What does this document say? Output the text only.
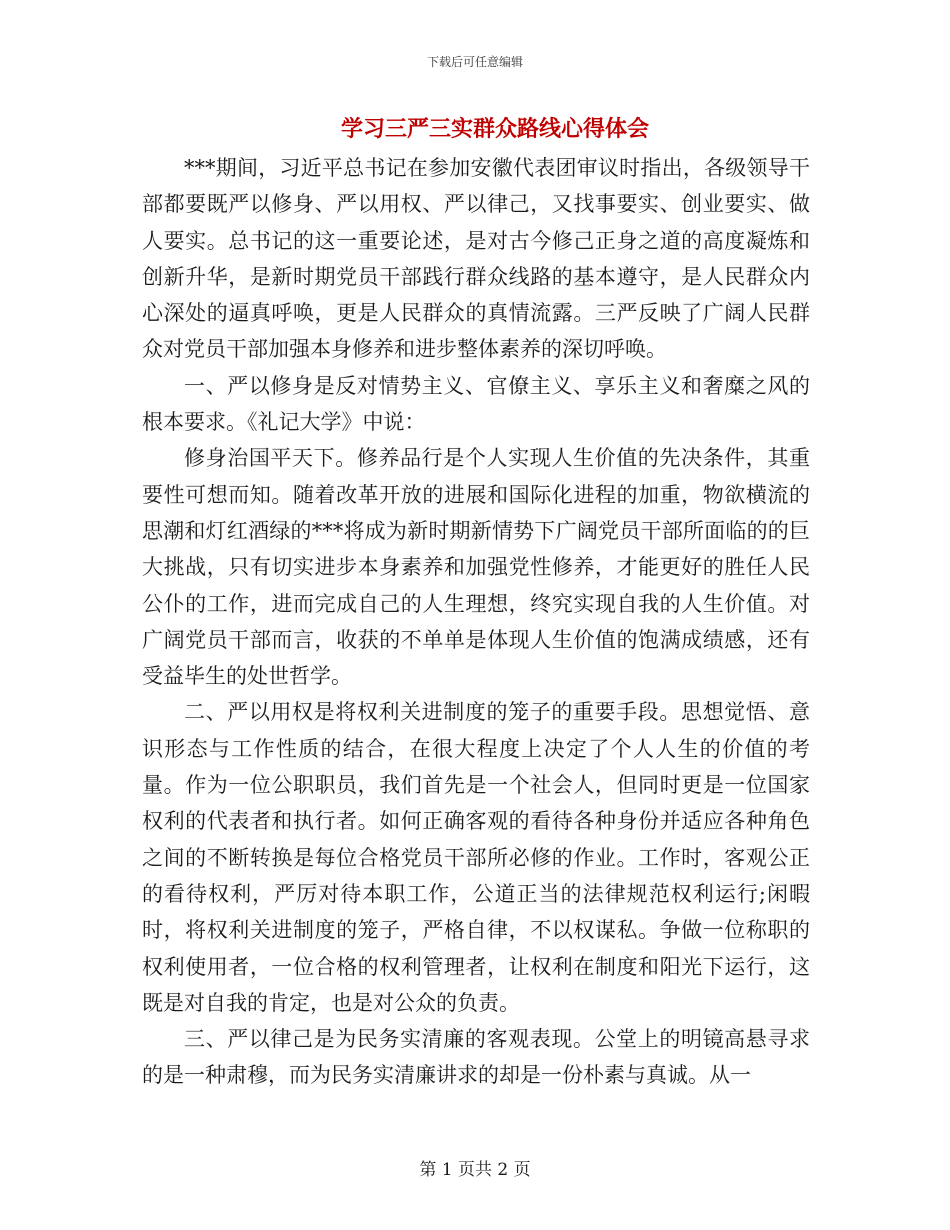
下载后可任意编辑
学习三严三实群众路线心得体会

***期间，习近平总书记在参加安徽代表团审议时指出，各级领导干部都要既严以修身、严以用权、严以律己，又找事要实、创业要实、做人要实。总书记的这一重要论述，是对古今修己正身之道的高度凝炼和创新升华，是新时期党员干部践行群众线路的基本遵守，是人民群众内心深处的逼真呼唤，更是人民群众的真情流露。三严反映了广阔人民群众对党员干部加强本身修养和进步整体素养的深切呼唤。

一、严以修身是反对情势主义、官僚主义、享乐主义和奢糜之风的根本要求。《礼记大学》中说：

修身治国平天下。修养品行是个人实现人生价值的先决条件，其重要性可想而知。随着改革开放的进展和国际化进程的加重，物欲横流的思潮和灯红酒绿的***将成为新时期新情势下广阔党员干部所面临的的巨大挑战，只有切实进步本身素养和加强党性修养，才能更好的胜任人民公仆的工作，进而完成自己的人生理想，终究实现自我的人生价值。对广阔党员干部而言，收获的不单单是体现人生价值的饱满成绩感，还有受益毕生的处世哲学。

二、严以用权是将权利关进制度的笼子的重要手段。思想觉悟、意识形态与工作性质的结合，在很大程度上决定了个人人生的价值的考量。作为一位公职职员，我们首先是一个社会人，但同时更是一位国家权利的代表者和执行者。如何正确客观的看待各种身份并适应各种角色之间的不断转换是每位合格党员干部所必修的作业。工作时，客观公正的看待权利，严厉对待本职工作，公道正当的法律规范权利运行;闲暇时，将权利关进制度的笼子，严格自律，不以权谋私。争做一位称职的权利使用者，一位合格的权利管理者，让权利在制度和阳光下运行，这既是对自我的肯定，也是对公众的负责。

三、严以律己是为民务实清廉的客观表现。公堂上的明镜高悬寻求的是一种肃穆，而为民务实清廉讲求的却是一份朴素与真诚。从一

第 1 页共 2 页
